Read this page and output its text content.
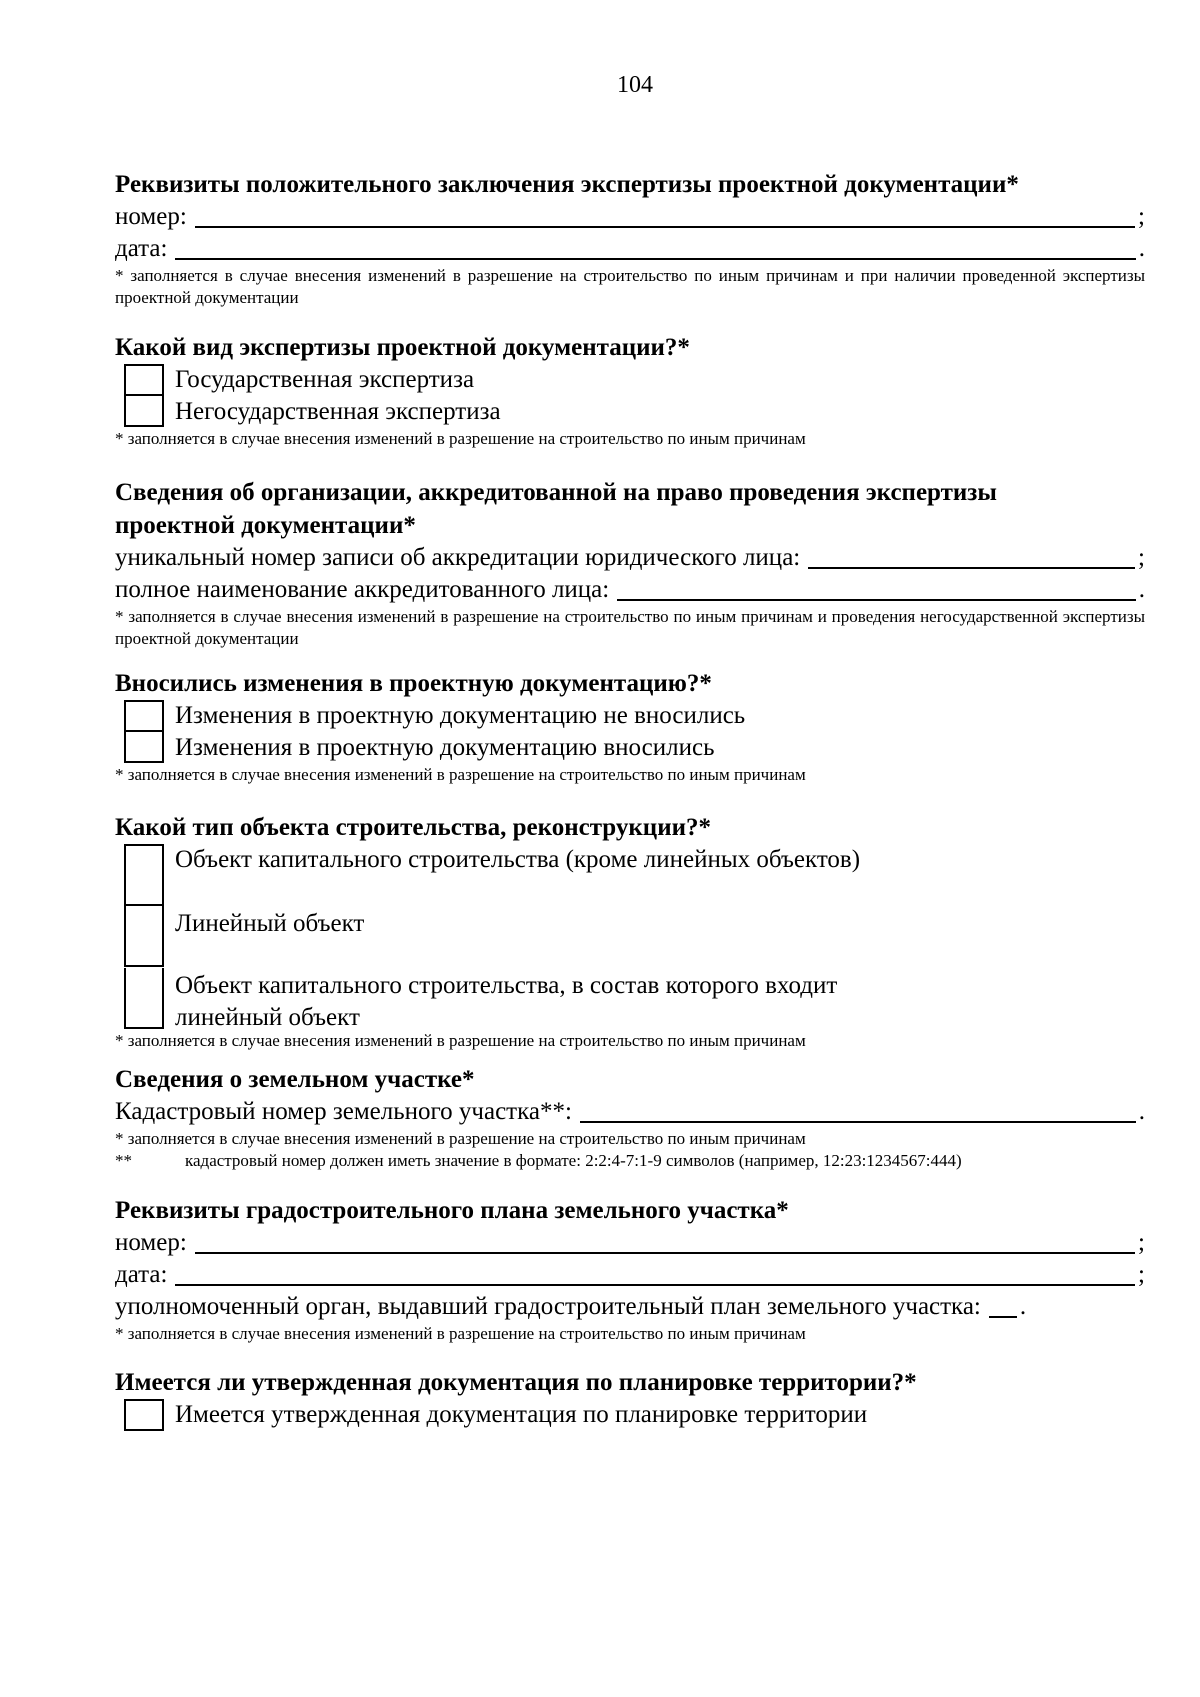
104
Реквизиты положительного заключения экспертизы проектной документации*
номер:	;
дата:	.
* заполняется в случае внесения изменений в разрешение на строительство по иным причинам и при наличии проведенной экспертизы проектной документации
Какой вид экспертизы проектной документации?*
Государственная экспертиза
Негосударственная экспертиза
* заполняется в случае внесения изменений в разрешение на строительство по иным причинам
Сведения об организации, аккредитованной на право проведения экспертизы
проектной документации*
уникальный номер записи об аккредитации юридического лица:	;
полное наименование аккредитованного лица:	.
* заполняется в случае внесения изменений в разрешение на строительство по иным причинам и проведения негосударственной экспертизы проектной документации
Вносились изменения в проектную документацию?*
Изменения в проектную документацию не вносились
Изменения в проектную документацию вносились
* заполняется в случае внесения изменений в разрешение на строительство по иным причинам
Какой тип объекта строительства, реконструкции?*
Объект капитального строительства (кроме линейных объектов)
Линейный объект
Объект капитального строительства, в состав которого входит
линейный объект
* заполняется в случае внесения изменений в разрешение на строительство по иным причинам
Сведения о земельном участке*
Кадастровый номер земельного участка**:	.
* заполняется в случае внесения изменений в разрешение на строительство по иным причинам
**	кадастровый номер должен иметь значение в формате: 2:2:4-7:1-9 символов (например, 12:23:1234567:444)
Реквизиты градостроительного плана земельного участка*
номер:	;
дата:	;
уполномоченный орган, выдавший градостроительный план земельного участка: .
* заполняется в случае внесения изменений в разрешение на строительство по иным причинам
Имеется ли утвержденная документация по планировке территории?*
Имеется утвержденная документация по планировке территории
